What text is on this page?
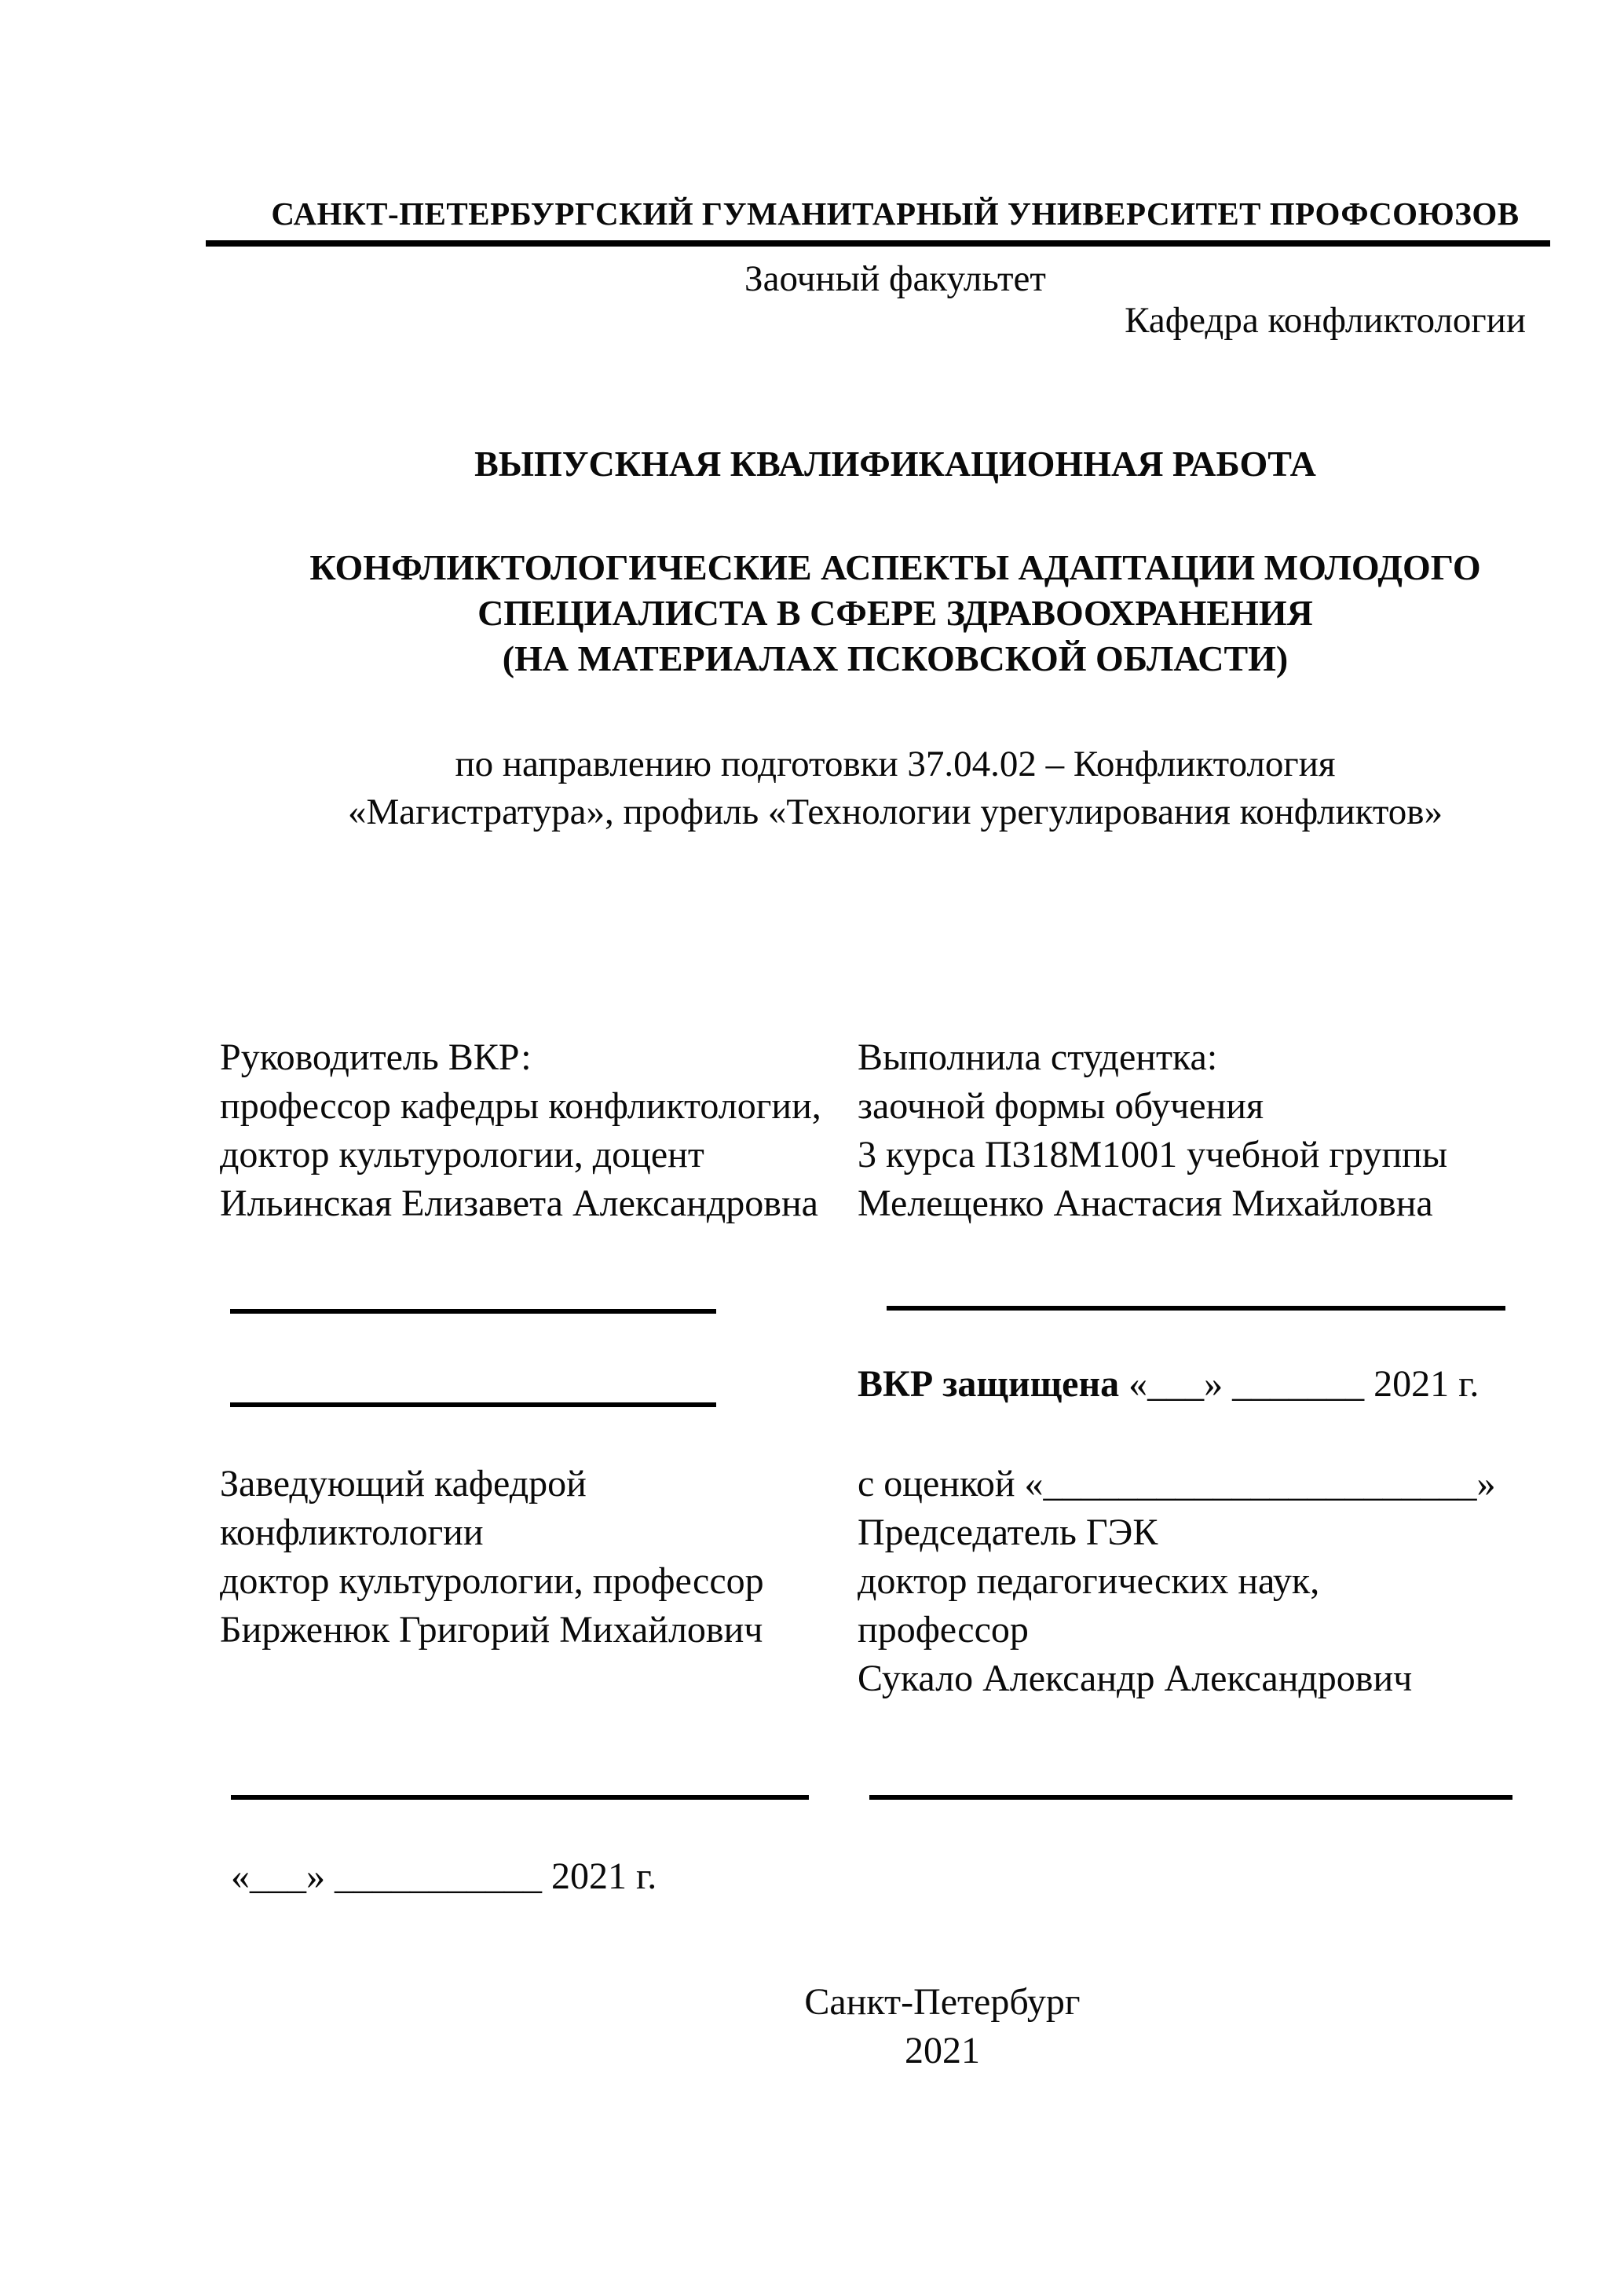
САНКТ-ПЕТЕРБУРГСКИЙ ГУМАНИТАРНЫЙ УНИВЕРСИТЕТ ПРОФСОЮЗОВ
Заочный факультет
Кафедра конфликтологии
ВЫПУСКНАЯ КВАЛИФИКАЦИОННАЯ РАБОТА
КОНФЛИКТОЛОГИЧЕСКИЕ АСПЕКТЫ АДАПТАЦИИ МОЛОДОГО
СПЕЦИАЛИСТА В СФЕРЕ ЗДРАВООХРАНЕНИЯ
(НА МАТЕРИАЛАХ ПСКОВСКОЙ ОБЛАСТИ)
по направлению подготовки 37.04.02 – Конфликтология
«Магистратура», профиль «Технологии урегулирования конфликтов»
Руководитель ВКР:
профессор кафедры конфликтологии,
доктор культурологии, доцент
Ильинская Елизавета Александровна
Выполнила студентка:
заочной формы обучения
3 курса П318М1001 учебной группы
Мелещенко Анастасия Михайловна
ВКР защищена «___» _______ 2021 г.
Заведующий кафедрой
конфликтологии
доктор культурологии, профессор
Бирженюк Григорий Михайлович
с оценкой «_______________________»
Председатель ГЭК
доктор педагогических наук,
профессор
Сукало Александр Александрович
«___» ___________ 2021 г.
Санкт-Петербург
2021
